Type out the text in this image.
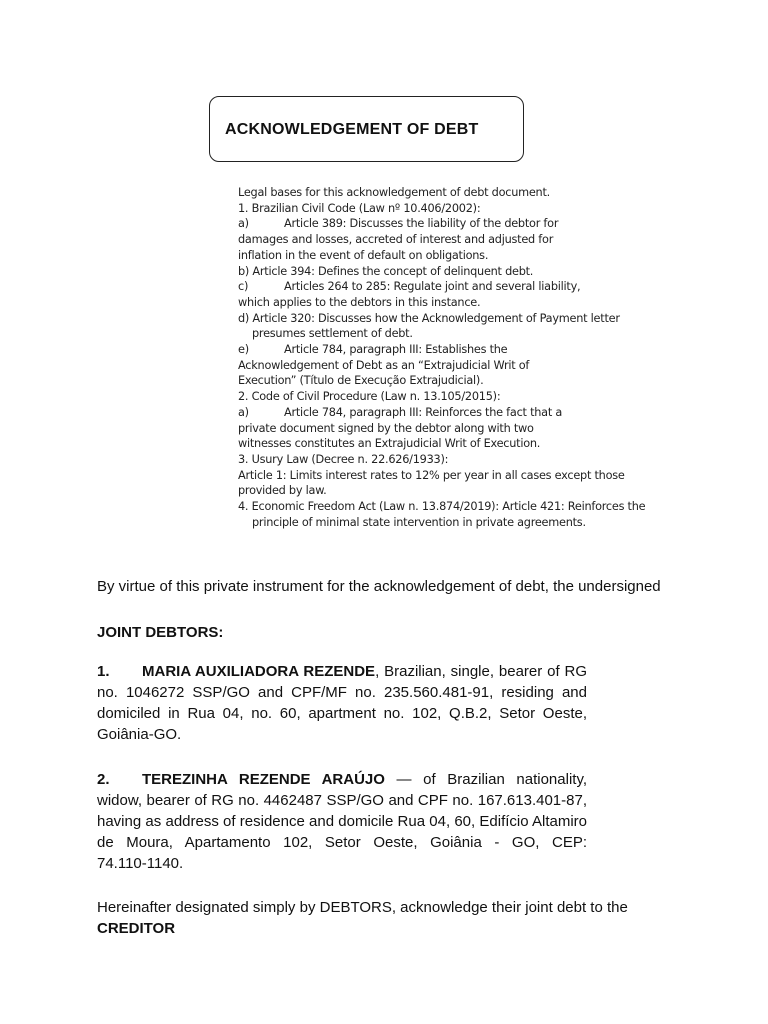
ACKNOWLEDGEMENT OF DEBT
Legal bases for this acknowledgement of debt document.
1. Brazilian Civil Code (Law nº 10.406/2002):
a)	Article 389: Discusses the liability of the debtor for
damages and losses, accreted of interest and adjusted for
inflation in the event of default on obligations.
b) Article 394: Defines the concept of delinquent debt.
c)	Articles 264 to 285: Regulate joint and several liability,
which applies to the debtors in this instance.
d) Article 320: Discusses how the Acknowledgement of Payment letter
presumes settlement of debt.
e)	Article 784, paragraph III: Establishes the
Acknowledgement of Debt as an “Extrajudicial Writ of
Execution” (Título de Execução Extrajudicial).
2. Code of Civil Procedure (Law n. 13.105/2015):
a)	Article 784, paragraph III: Reinforces the fact that a
private document signed by the debtor along with two
witnesses constitutes an Extrajudicial Writ of Execution.
3. Usury Law (Decree n. 22.626/1933):
Article 1: Limits interest rates to 12% per year in all cases except those
provided by law.
4. Economic Freedom Act (Law n. 13.874/2019): Article 421: Reinforces the
principle of minimal state intervention in private agreements.
By virtue of this private instrument for the acknowledgement of debt, the undersigned
JOINT DEBTORS:
1. MARIA AUXILIADORA REZENDE, Brazilian, single, bearer of RG
no. 1046272 SSP/GO and CPF/MF no. 235.560.481-91, residing and
domiciled in Rua 04, no. 60, apartment no. 102, Q.B.2, Setor Oeste,
Goiânia-GO.
2. TEREZINHA REZENDE ARAÚJO — of Brazilian nationality,
widow, bearer of RG no. 4462487 SSP/GO and CPF no. 167.613.401-87,
having as address of residence and domicile Rua 04, 60, Edifício Altamiro
de Moura, Apartamento 102, Setor Oeste, Goiânia - GO, CEP:
74.110-1140.
Hereinafter designated simply by DEBTORS, acknowledge their joint debt to the
CREDITOR
